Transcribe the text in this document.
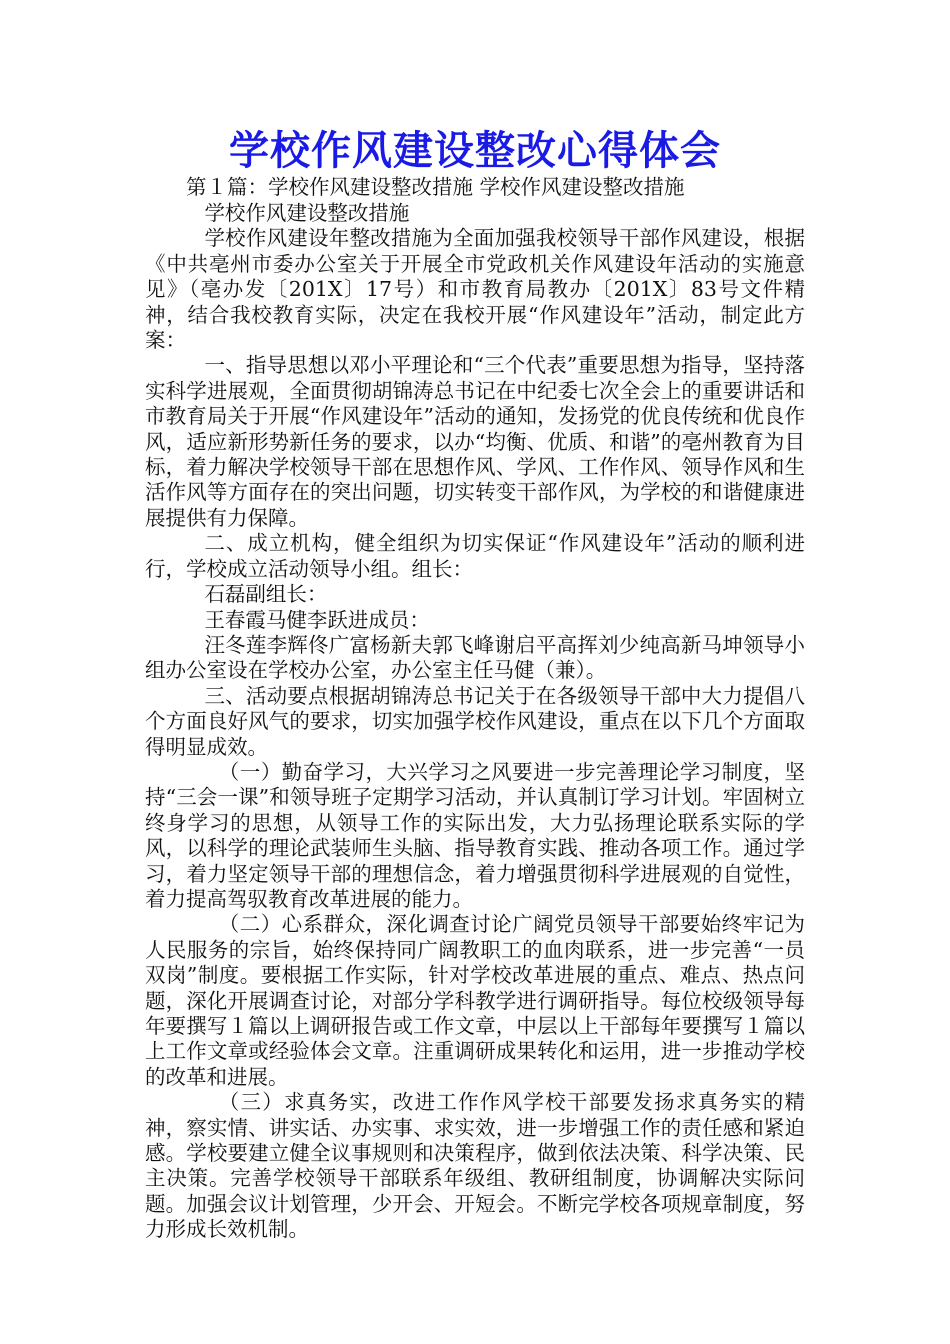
学校作风建设整改心得体会
第１篇：学校作风建设整改措施 学校作风建设整改措施

学校作风建设整改措施

学校作风建设年整改措施为全面加强我校领导干部作风建设，根据《中共亳州市委办公室关于开展全市党政机关作风建设年活动的实施意见》（亳办发〔201X〕17号）和市教育局教办〔201X〕83号文件精神，结合我校教育实际，决定在我校开展“作风建设年”活动，制定此方案：

一、指导思想以邓小平理论和“三个代表”重要思想为指导，坚持落实科学进展观，全面贯彻胡锦涛总书记在中纪委七次全会上的重要讲话和市教育局关于开展“作风建设年”活动的通知，发扬党的优良传统和优良作风，适应新形势新任务的要求，以办“均衡、优质、和谐”的亳州教育为目标，着力解决学校领导干部在思想作风、学风、工作作风、领导作风和生活作风等方面存在的突出问题，切实转变干部作风，为学校的和谐健康进展提供有力保障。

二、成立机构，健全组织为切实保证“作风建设年”活动的顺利进行，学校成立活动领导小组。组长：

石磊副组长：

王春霞马健李跃进成员：

汪冬莲李辉佟广富杨新夫郭飞峰谢启平高挥刘少纯高新马坤领导小组办公室设在学校办公室，办公室主任马健（兼）。

三、活动要点根据胡锦涛总书记关于在各级领导干部中大力提倡八个方面良好风气的要求，切实加强学校作风建设，重点在以下几个方面取得明显成效。

（一）勤奋学习，大兴学习之风要进一步完善理论学习制度，坚持“三会一课”和领导班子定期学习活动，并认真制订学习计划。牢固树立终身学习的思想，从领导工作的实际出发，大力弘扬理论联系实际的学风，以科学的理论武装师生头脑、指导教育实践、推动各项工作。通过学习，着力坚定领导干部的理想信念，着力增强贯彻科学进展观的自觉性，着力提高驾驭教育改革进展的能力。

（二）心系群众，深化调查讨论广阔党员领导干部要始终牢记为人民服务的宗旨，始终保持同广阔教职工的血肉联系，进一步完善“一员双岗”制度。要根据工作实际，针对学校改革进展的重点、难点、热点问题，深化开展调查讨论，对部分学科教学进行调研指导。每位校级领导每年要撰写１篇以上调研报告或工作文章，中层以上干部每年要撰写１篇以上工作文章或经验体会文章。注重调研成果转化和运用，进一步推动学校的改革和进展。

（三）求真务实，改进工作作风学校干部要发扬求真务实的精神，察实情、讲实话、办实事、求实效，进一步增强工作的责任感和紧迫感。学校要建立健全议事规则和决策程序，做到依法决策、科学决策、民主决策。完善学校领导干部联系年级组、教研组制度，协调解决实际问题。加强会议计划管理，少开会、开短会。不断完学校各项规章制度，努力形成长效机制。
